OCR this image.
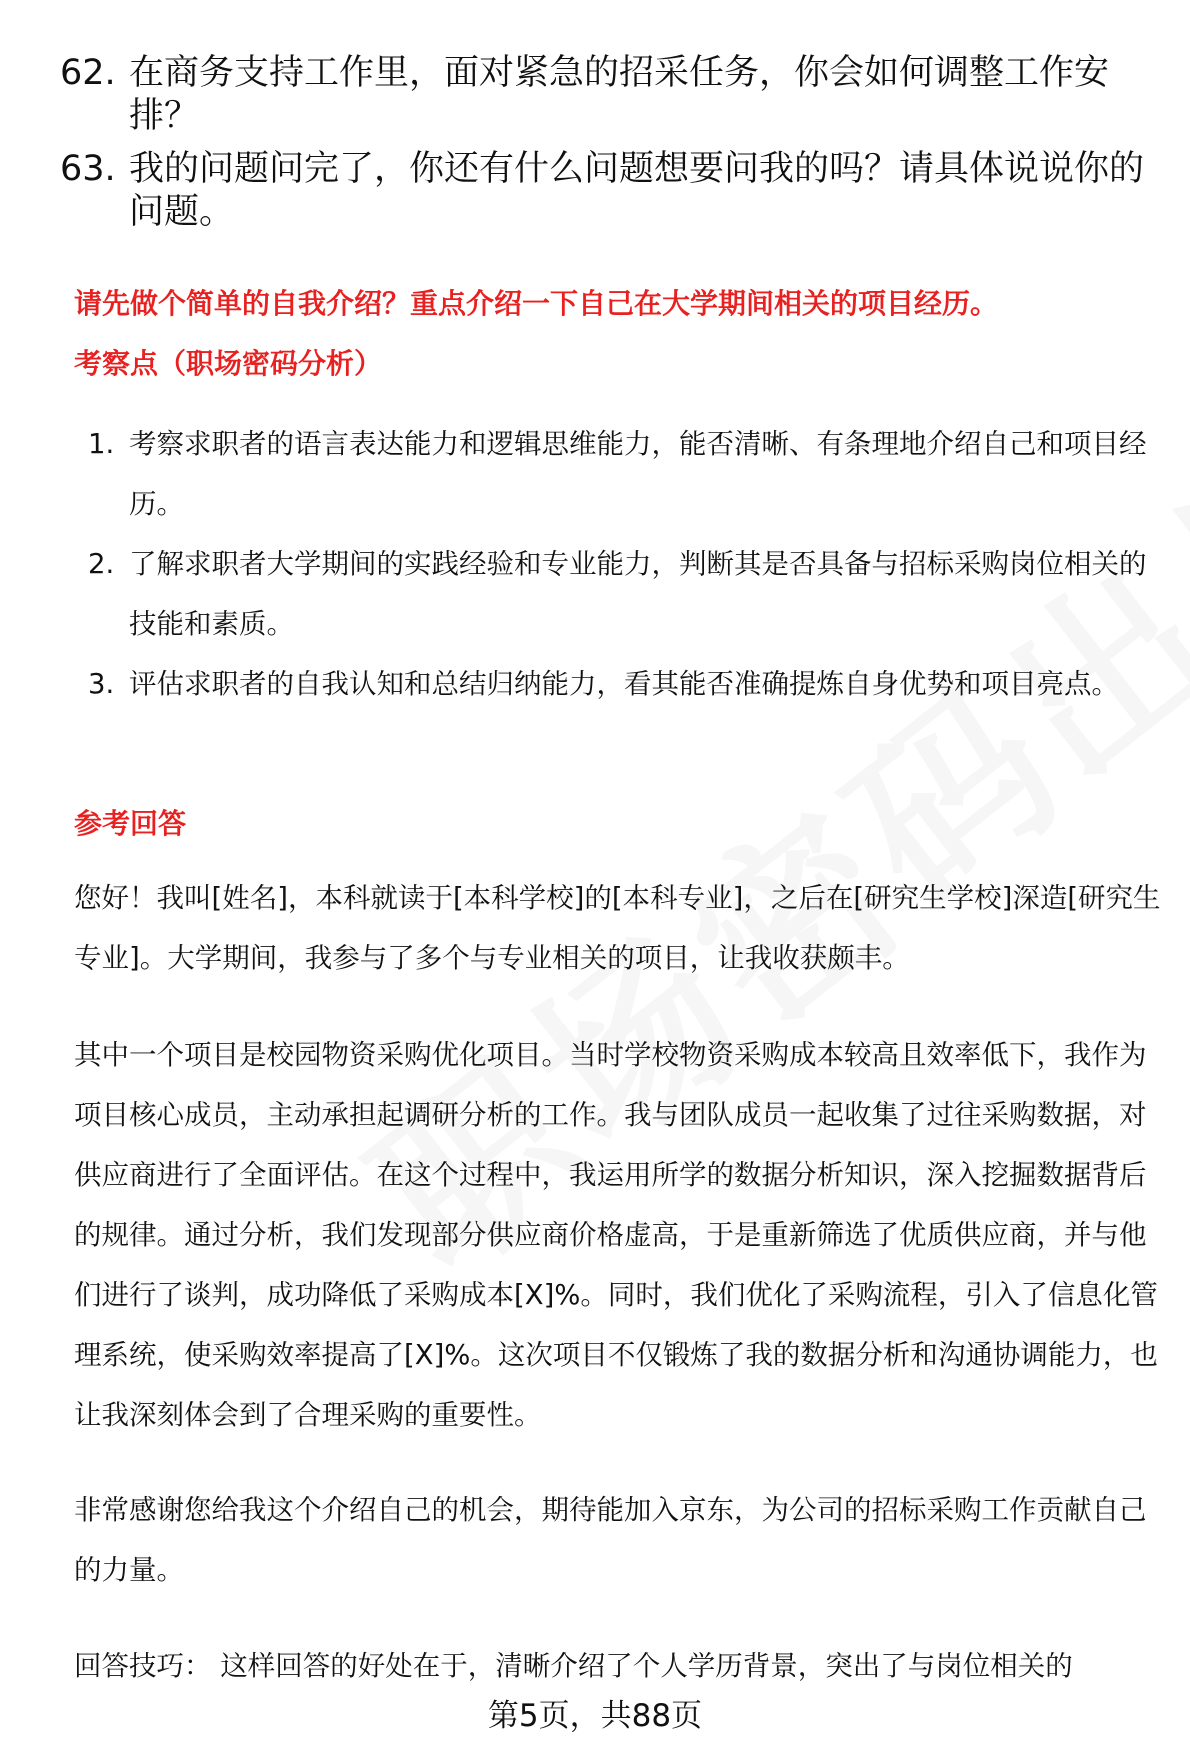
62. 在商务支持工作里，面对紧急的招采任务，你会如何调整工作安排？
63. 我的问题问完了，你还有什么问题想要问我的吗？请具体说说你的问题。
请先做个简单的自我介绍？重点介绍一下自己在大学期间相关的项目经历。
考察点（职场密码分析）
1. 考察求职者的语言表达能力和逻辑思维能力，能否清晰、有条理地介绍自己和项目经历。
2. 了解求职者大学期间的实践经验和专业能力，判断其是否具备与招标采购岗位相关的技能和素质。
3. 评估求职者的自我认知和总结归纳能力，看其能否准确提炼自身优势和项目亮点。
参考回答

您好！我叫[姓名]，本科就读于[本科学校]的[本科专业]，之后在[研究生学校]深造[研究生专业]。大学期间，我参与了多个与专业相关的项目，让我收获颇丰。

其中一个项目是校园物资采购优化项目。当时学校物资采购成本较高且效率低下，我作为项目核心成员，主动承担起调研分析的工作。我与团队成员一起收集了过往采购数据，对供应商进行了全面评估。在这个过程中，我运用所学的数据分析知识，深入挖掘数据背后的规律。通过分析，我们发现部分供应商价格虚高，于是重新筛选了优质供应商，并与他们进行了谈判，成功降低了采购成本[X]%。同时，我们优化了采购流程，引入了信息化管理系统，使采购效率提高了[X]%。这次项目不仅锻炼了我的数据分析和沟通协调能力，也让我深刻体会到了合理采购的重要性。

非常感谢您给我这个介绍自己的机会，期待能加入京东，为公司的招标采购工作贡献自己的力量。

回答技巧： 这样回答的好处在于，清晰介绍了个人学历背景，突出了与岗位相关的

第5页，共88页
